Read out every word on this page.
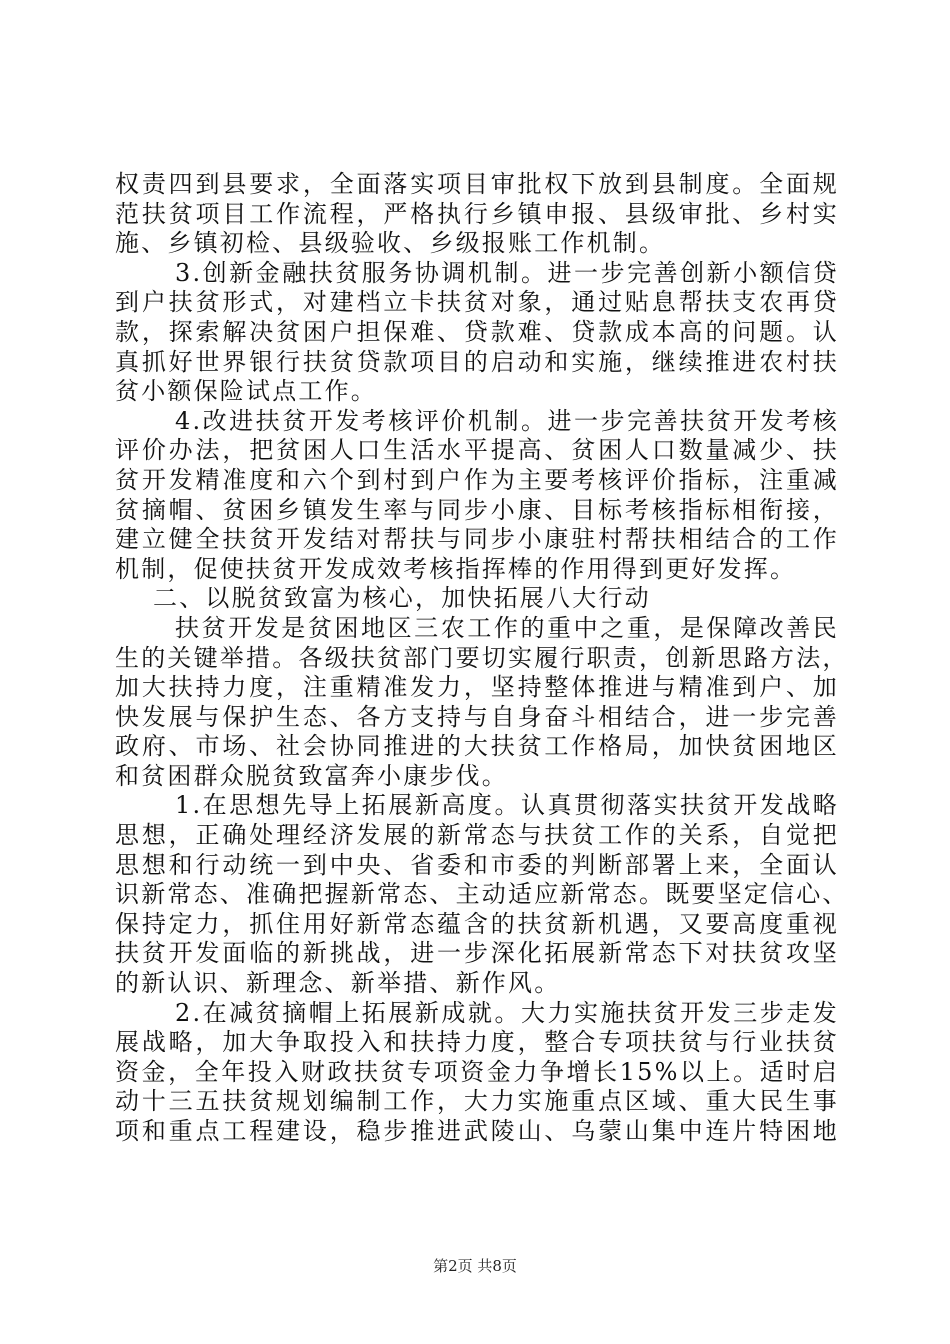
权责四到县要求，全面落实项目审批权下放到县制度。全面规
范扶贫项目工作流程，严格执行乡镇申报、县级审批、乡村实
施、乡镇初检、县级验收、乡级报账工作机制。
3.创新金融扶贫服务协调机制。进一步完善创新小额信贷
到户扶贫形式，对建档立卡扶贫对象，通过贴息帮扶支农再贷
款，探索解决贫困户担保难、贷款难、贷款成本高的问题。认
真抓好世界银行扶贫贷款项目的启动和实施，继续推进农村扶
贫小额保险试点工作。
4.改进扶贫开发考核评价机制。进一步完善扶贫开发考核
评价办法，把贫困人口生活水平提高、贫困人口数量减少、扶
贫开发精准度和六个到村到户作为主要考核评价指标，注重减
贫摘帽、贫困乡镇发生率与同步小康、目标考核指标相衔接，
建立健全扶贫开发结对帮扶与同步小康驻村帮扶相结合的工作
机制，促使扶贫开发成效考核指挥棒的作用得到更好发挥。
二、以脱贫致富为核心，加快拓展八大行动
扶贫开发是贫困地区三农工作的重中之重，是保障改善民
生的关键举措。各级扶贫部门要切实履行职责，创新思路方法，
加大扶持力度，注重精准发力，坚持整体推进与精准到户、加
快发展与保护生态、各方支持与自身奋斗相结合，进一步完善
政府、市场、社会协同推进的大扶贫工作格局，加快贫困地区
和贫困群众脱贫致富奔小康步伐。
1.在思想先导上拓展新高度。认真贯彻落实扶贫开发战略
思想，正确处理经济发展的新常态与扶贫工作的关系，自觉把
思想和行动统一到中央、省委和市委的判断部署上来，全面认
识新常态、准确把握新常态、主动适应新常态。既要坚定信心、
保持定力，抓住用好新常态蕴含的扶贫新机遇，又要高度重视
扶贫开发面临的新挑战，进一步深化拓展新常态下对扶贫攻坚
的新认识、新理念、新举措、新作风。
2.在减贫摘帽上拓展新成就。大力实施扶贫开发三步走发
展战略，加大争取投入和扶持力度，整合专项扶贫与行业扶贫
资金，全年投入财政扶贫专项资金力争增长15%以上。适时启
动十三五扶贫规划编制工作，大力实施重点区域、重大民生事
项和重点工程建设，稳步推进武陵山、乌蒙山集中连片特困地
第2页 共8页
